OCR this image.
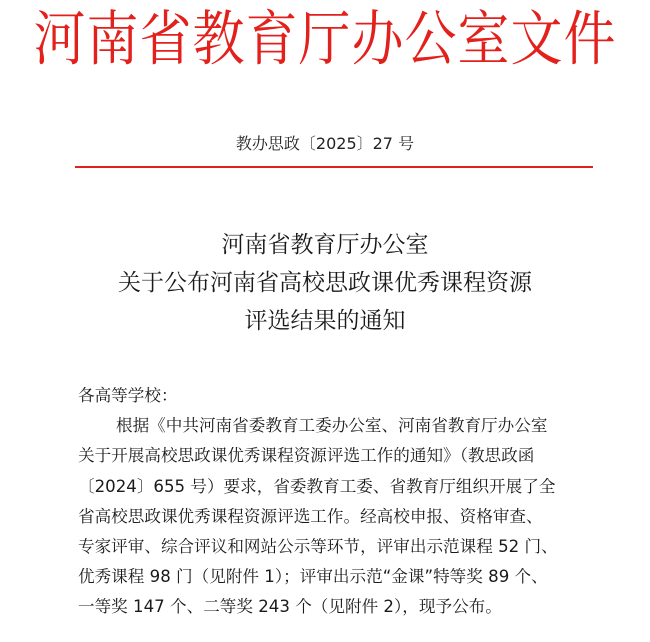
河南省教育厅办公室文件
教办思政〔2025〕27 号
河南省教育厅办公室
关于公布河南省高校思政课优秀课程资源
评选结果的通知
各高等学校：
根据《中共河南省委教育工委办公室、河南省教育厅办公室
关于开展高校思政课优秀课程资源评选工作的通知》（教思政函
〔2024〕655 号）要求，省委教育工委、省教育厅组织开展了全
省高校思政课优秀课程资源评选工作。经高校申报、资格审查、
专家评审、综合评议和网站公示等环节，评审出示范课程 52 门、
优秀课程 98 门（见附件 1）；评审出示范“金课”特等奖 89 个、
一等奖 147 个、二等奖 243 个（见附件 2），现予公布。
